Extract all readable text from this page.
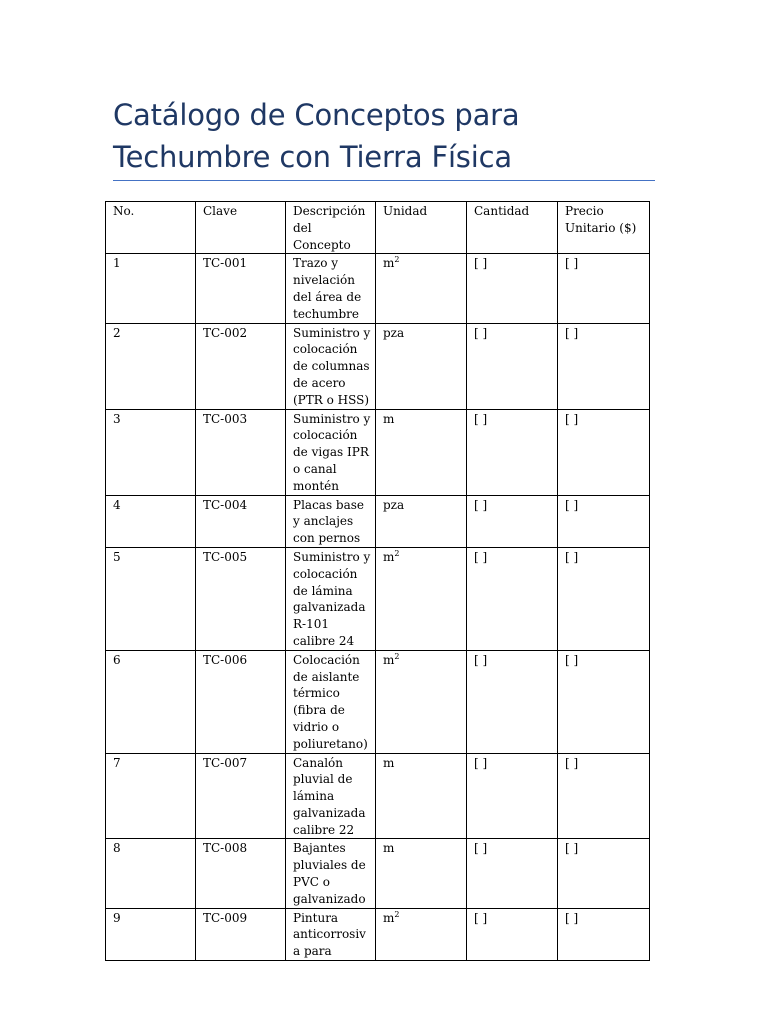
Catálogo de Conceptos para Techumbre con Tierra Física
No.	Clave	Descripción del Concepto	Unidad	Cantidad	Precio Unitario ($)
1	TC-001	Trazo y nivelación del área de techumbre	$m^2$	[ ]	[ ]
2	TC-002	Suministro y colocación de columnas de acero (PTR o HSS)	pza	[ ]	[ ]
3	TC-003	Suministro y colocación de vigas IPR o canal montén	m	[ ]	[ ]
4	TC-004	Placas base y anclajes con pernos	pza	[ ]	[ ]
5	TC-005	Suministro y colocación de lámina galvanizada R-101 calibre 24	$m^2$	[ ]	[ ]
6	TC-006	Colocación de aislante térmico (fibra de vidrio o poliuretano)	$m^2$	[ ]	[ ]
7	TC-007	Canalón pluvial de lámina galvanizada calibre 22	m	[ ]	[ ]
8	TC-008	Bajantes pluviales de PVC o galvanizado	m	[ ]	[ ]
9	TC-009	Pintura anticorrosiva para	$m^2$	[ ]	[ ]
